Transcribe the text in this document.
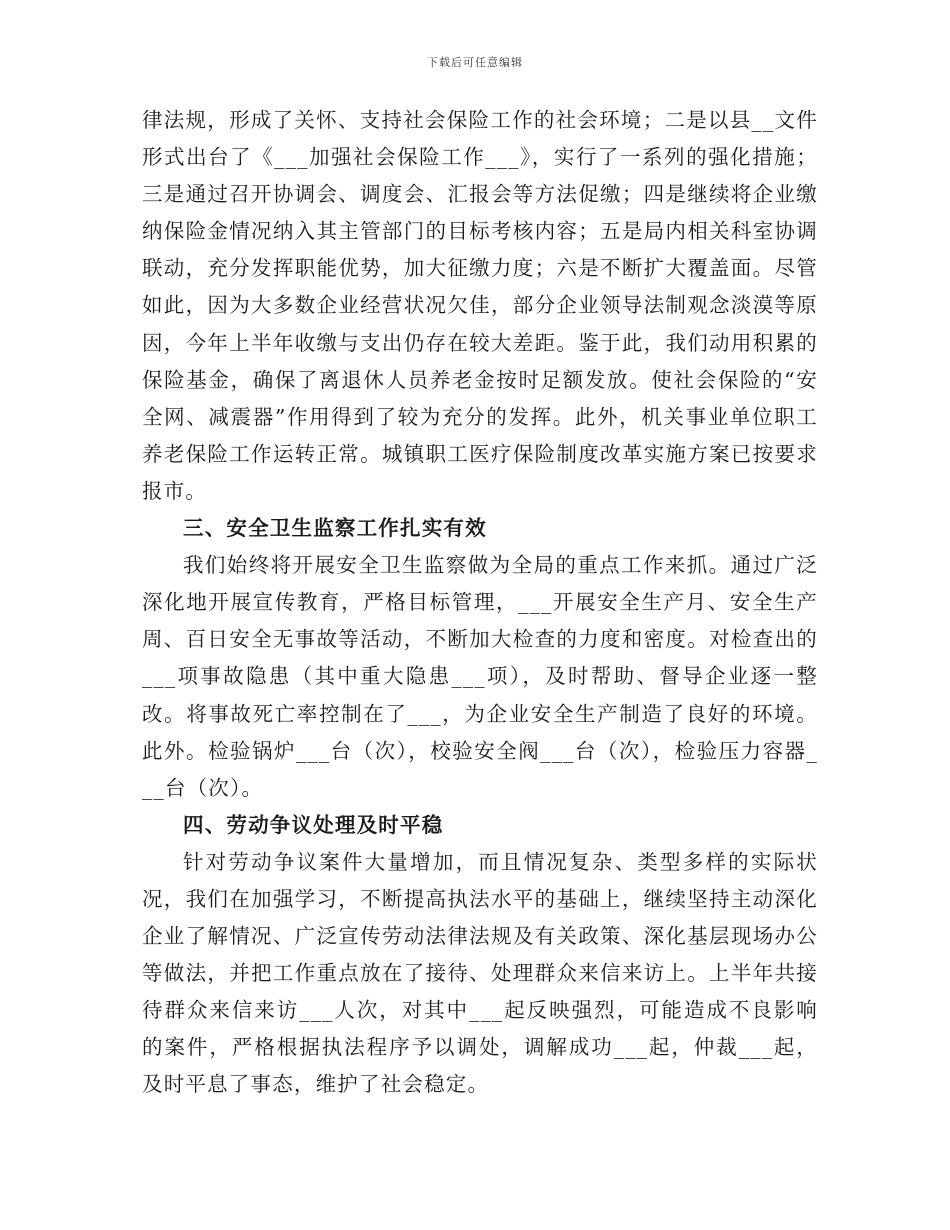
下载后可任意编辑

律法规，形成了关怀、支持社会保险工作的社会环境；二是以县__文件形式出台了《___加强社会保险工作___》，实行了一系列的强化措施；三是通过召开协调会、调度会、汇报会等方法促缴；四是继续将企业缴纳保险金情况纳入其主管部门的目标考核内容；五是局内相关科室协调联动，充分发挥职能优势，加大征缴力度；六是不断扩大覆盖面。尽管如此，因为大多数企业经营状况欠佳，部分企业领导法制观念淡漠等原因，今年上半年收缴与支出仍存在较大差距。鉴于此，我们动用积累的保险基金，确保了离退休人员养老金按时足额发放。使社会保险的“安全网、减震器”作用得到了较为充分的发挥。此外，机关事业单位职工养老保险工作运转正常。城镇职工医疗保险制度改革实施方案已按要求报市。

三、安全卫生监察工作扎实有效

我们始终将开展安全卫生监察做为全局的重点工作来抓。通过广泛深化地开展宣传教育，严格目标管理，___开展安全生产月、安全生产周、百日安全无事故等活动，不断加大检查的力度和密度。对检查出的___项事故隐患（其中重大隐患___项），及时帮助、督导企业逐一整改。将事故死亡率控制在了___，为企业安全生产制造了良好的环境。此外。检验锅炉___台（次），校验安全阀___台（次），检验压力容器___台（次）。

四、劳动争议处理及时平稳

针对劳动争议案件大量增加，而且情况复杂、类型多样的实际状况，我们在加强学习，不断提高执法水平的基础上，继续坚持主动深化企业了解情况、广泛宣传劳动法律法规及有关政策、深化基层现场办公等做法，并把工作重点放在了接待、处理群众来信来访上。上半年共接待群众来信来访___人次，对其中___起反映强烈，可能造成不良影响的案件，严格根据执法程序予以调处，调解成功___起，仲裁___起，及时平息了事态，维护了社会稳定。
